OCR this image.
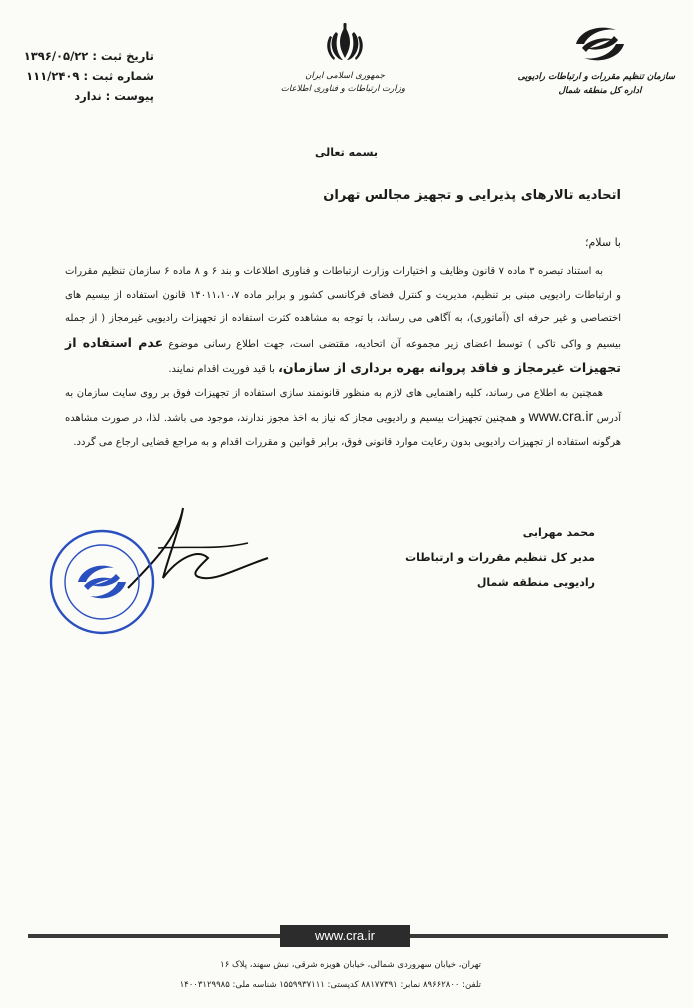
تاریخ ثبت : ۱۳۹۶/۰۵/۲۲
شماره ثبت : ۱۱۱/۲۴۰۹
پیوست : ندارد
جمهوری اسلامی ایران
وزارت ارتباطات و فناوری اطلاعات
سازمان تنظیم مقررات و ارتباطات رادیویی
اداره کل منطقه شمال
بسمه تعالی
اتحادیه تالارهای پذیرایی و تجهیز مجالس تهران
با سلام؛

به استناد تبصره ۳ ماده ۷ قانون وظایف و اختیارات وزارت ارتباطات و فناوری اطلاعات و بند ۶ و ۸ ماده ۶ سازمان تنظیم مقررات و ارتباطات رادیویی مبنی بر تنظیم، مدیریت و کنترل فضای فرکانسی کشور و برابر ماده ۱۴۰۱۱،۱۰،۷ قانون استفاده از بیسیم های اختصاصی و غیر حرفه ای (آماتوری)، به آگاهی می رساند، با توجه به مشاهده کثرت استفاده از تجهیزات رادیویی غیرمجاز ( از جمله بیسیم و واکی تاکی ) توسط اعضای زیر مجموعه آن اتحادیه، مقتضی است، جهت اطلاع رسانی موضوع عدم استفاده از تجهیزات غیرمجاز و فاقد پروانه بهره برداری از سازمان، با قید فوریت اقدام نمایند.

همچنین به اطلاع می رساند، کلیه راهنمایی های لازم به منظور قانونمند سازی استفاده از تجهیزات فوق بر روی سایت سازمان به آدرس www.cra.ir و همچنین تجهیزات بیسیم و رادیویی مجاز که نیاز به اخذ مجوز ندارند، موجود می باشد. لذا، در صورت مشاهده هرگونه استفاده از تجهیزات رادیویی بدون رعایت موارد قانونی فوق، برابر قوانین و مقررات اقدام و به مراجع قضایی ارجاع می گردد.

محمد مهرابی
مدیر کل تنظیم مقررات و ارتباطات
رادیویی منطقه شمال
www.cra.ir
تهران، خیابان سهروردی شمالی، خیابان هویزه شرقی، نبش سهند، پلاک ۱۶
تلفن: ۸۹۶۶۲۸۰۰ نمابر: ۸۸۱۷۷۳۹۱ کدپستی: ۱۵۵۹۹۳۷۱۱۱ شناسه ملی: ۱۴۰۰۳۱۲۹۹۸۵
